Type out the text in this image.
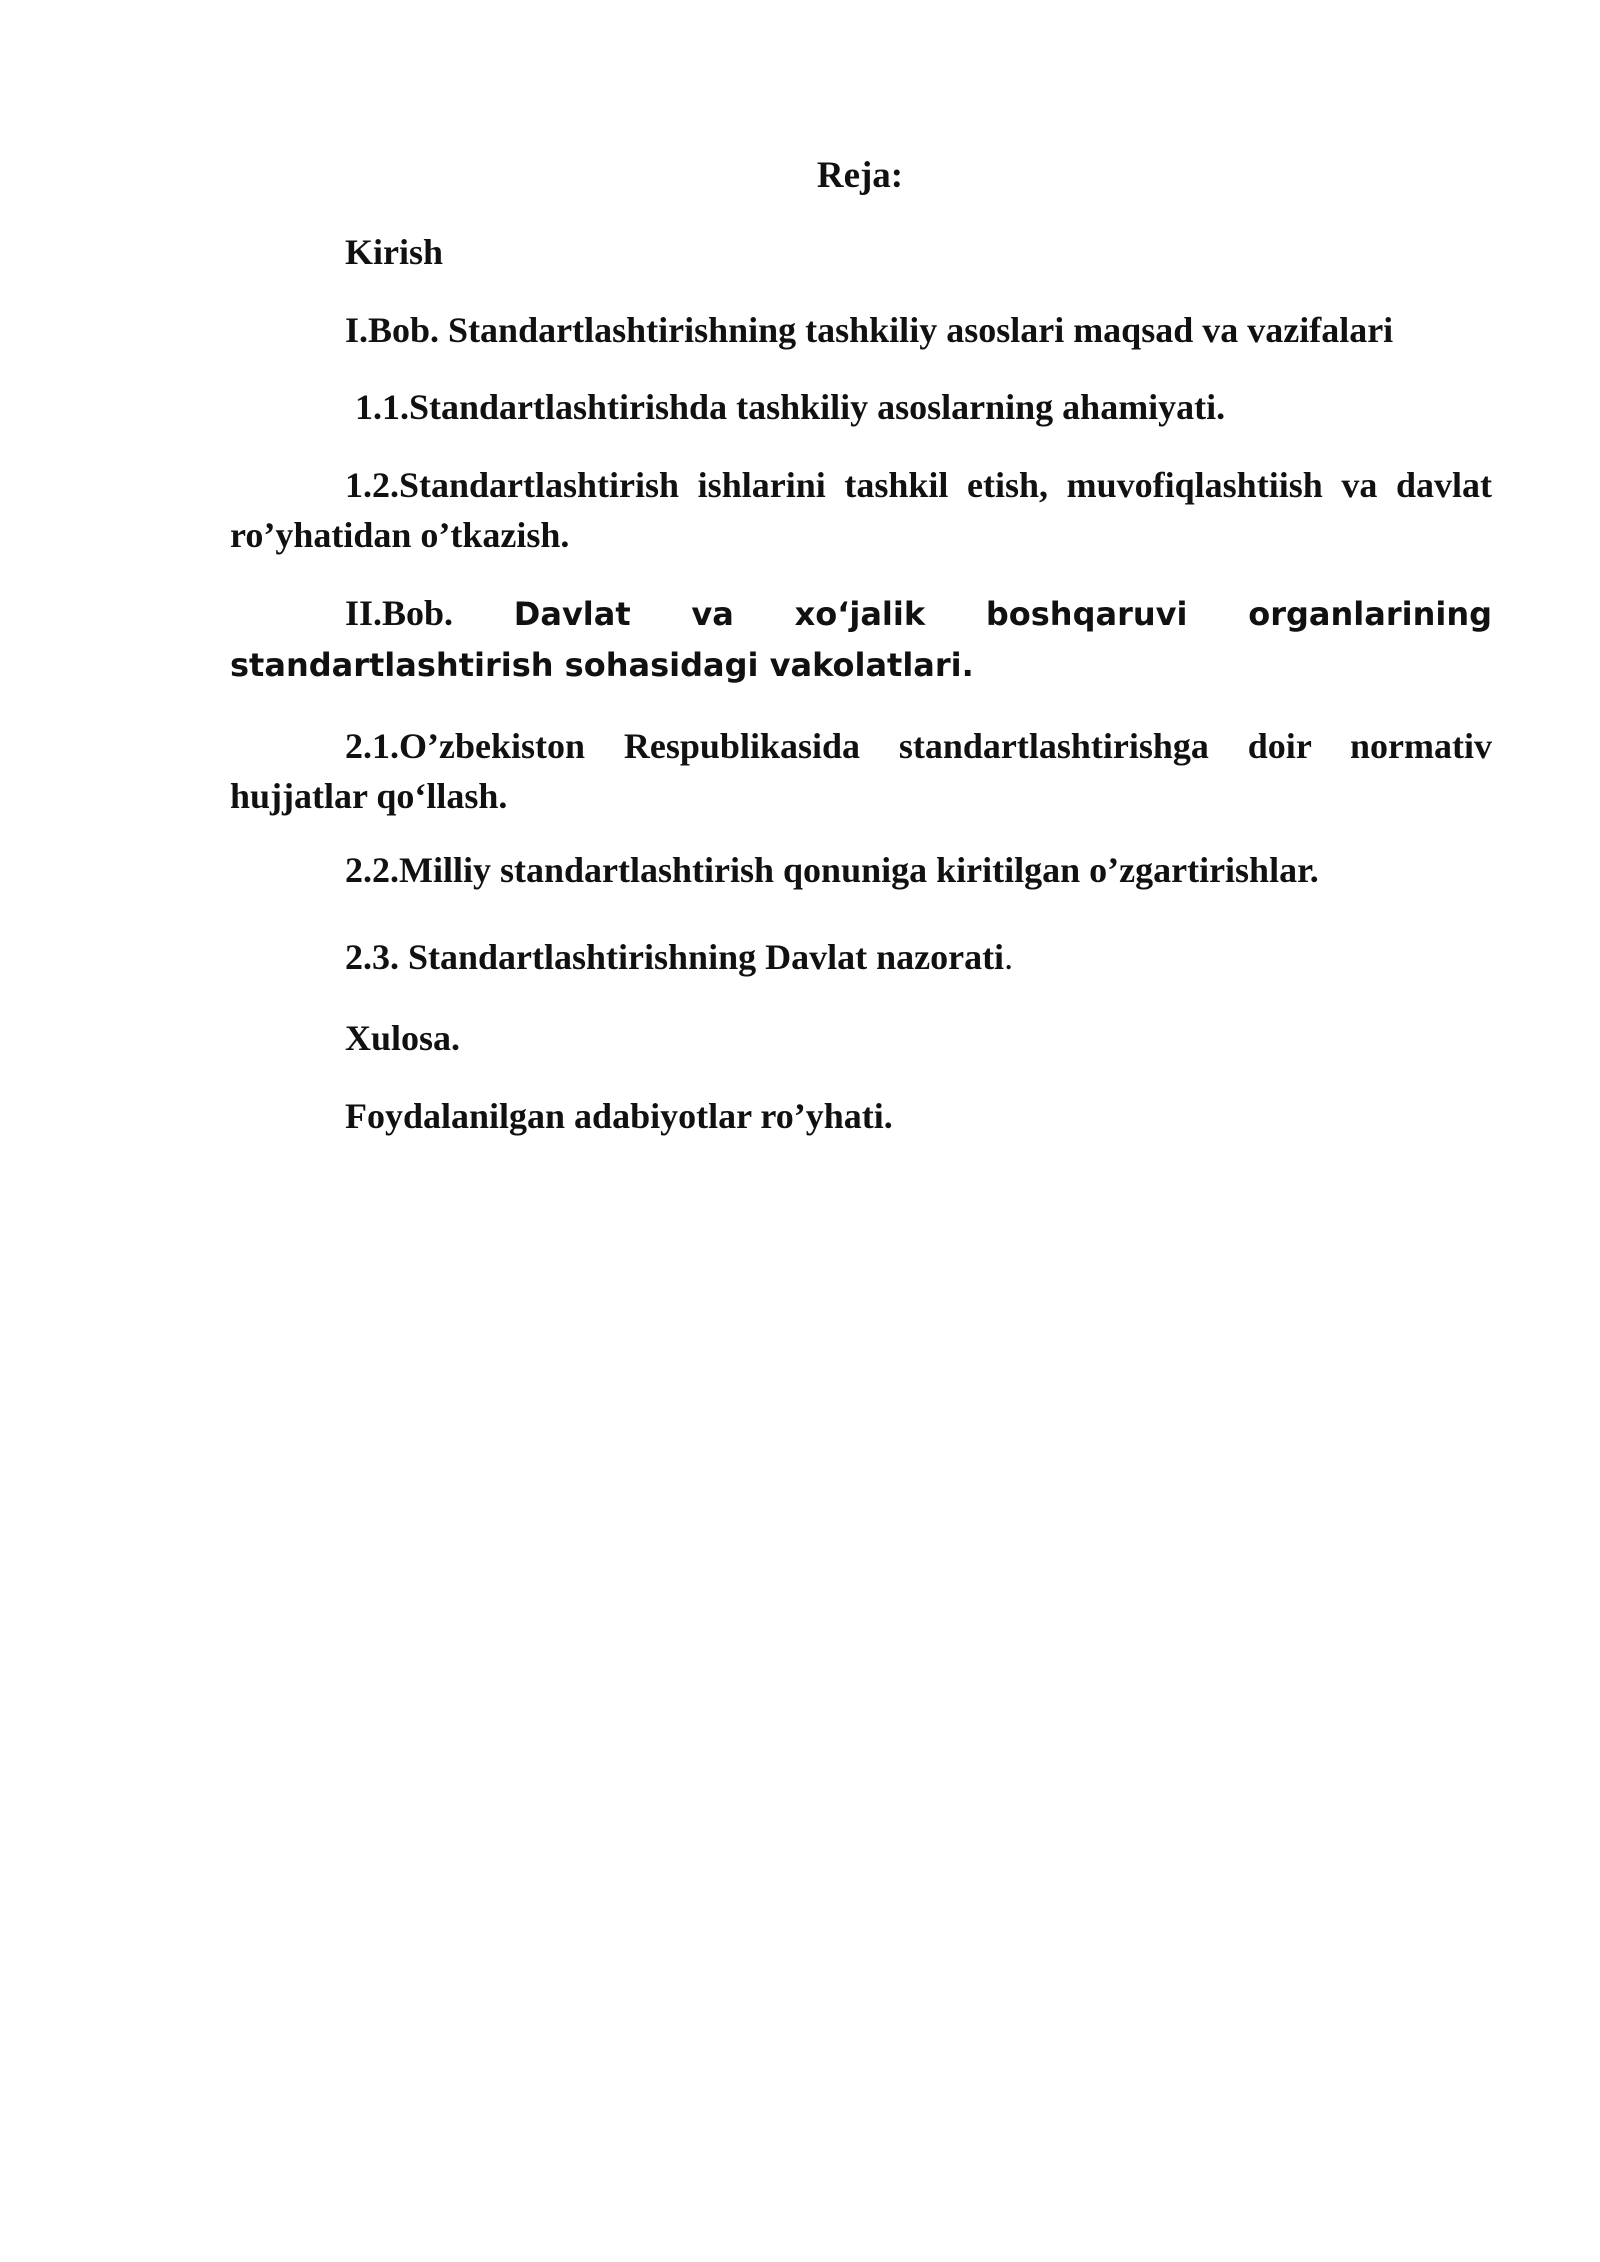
Reja:

Kirish

I.Bob. Standartlashtirishning tashkiliy asoslari maqsad va vazifalari

1.1.Standartlashtirishda tashkiliy asoslarning ahamiyati.

1.2.Standartlashtirish ishlarini tashkil etish, muvofiqlashtiish va davlat ro’yhatidan o’tkazish.

II.Bob. Davlat va xoʻjalik boshqaruvi organlarining standartlashtirish sohasidagi vakolatlari.

2.1.O’zbekiston Respublikasida standartlashtirishga doir normativ hujjatlar qoʻllash.

2.2.Milliy standartlashtirish qonuniga kiritilgan o’zgartirishlar.

2.3. Standartlashtirishning Davlat nazorati.

Xulosa.

Foydalanilgan adabiyotlar ro’yhati.
